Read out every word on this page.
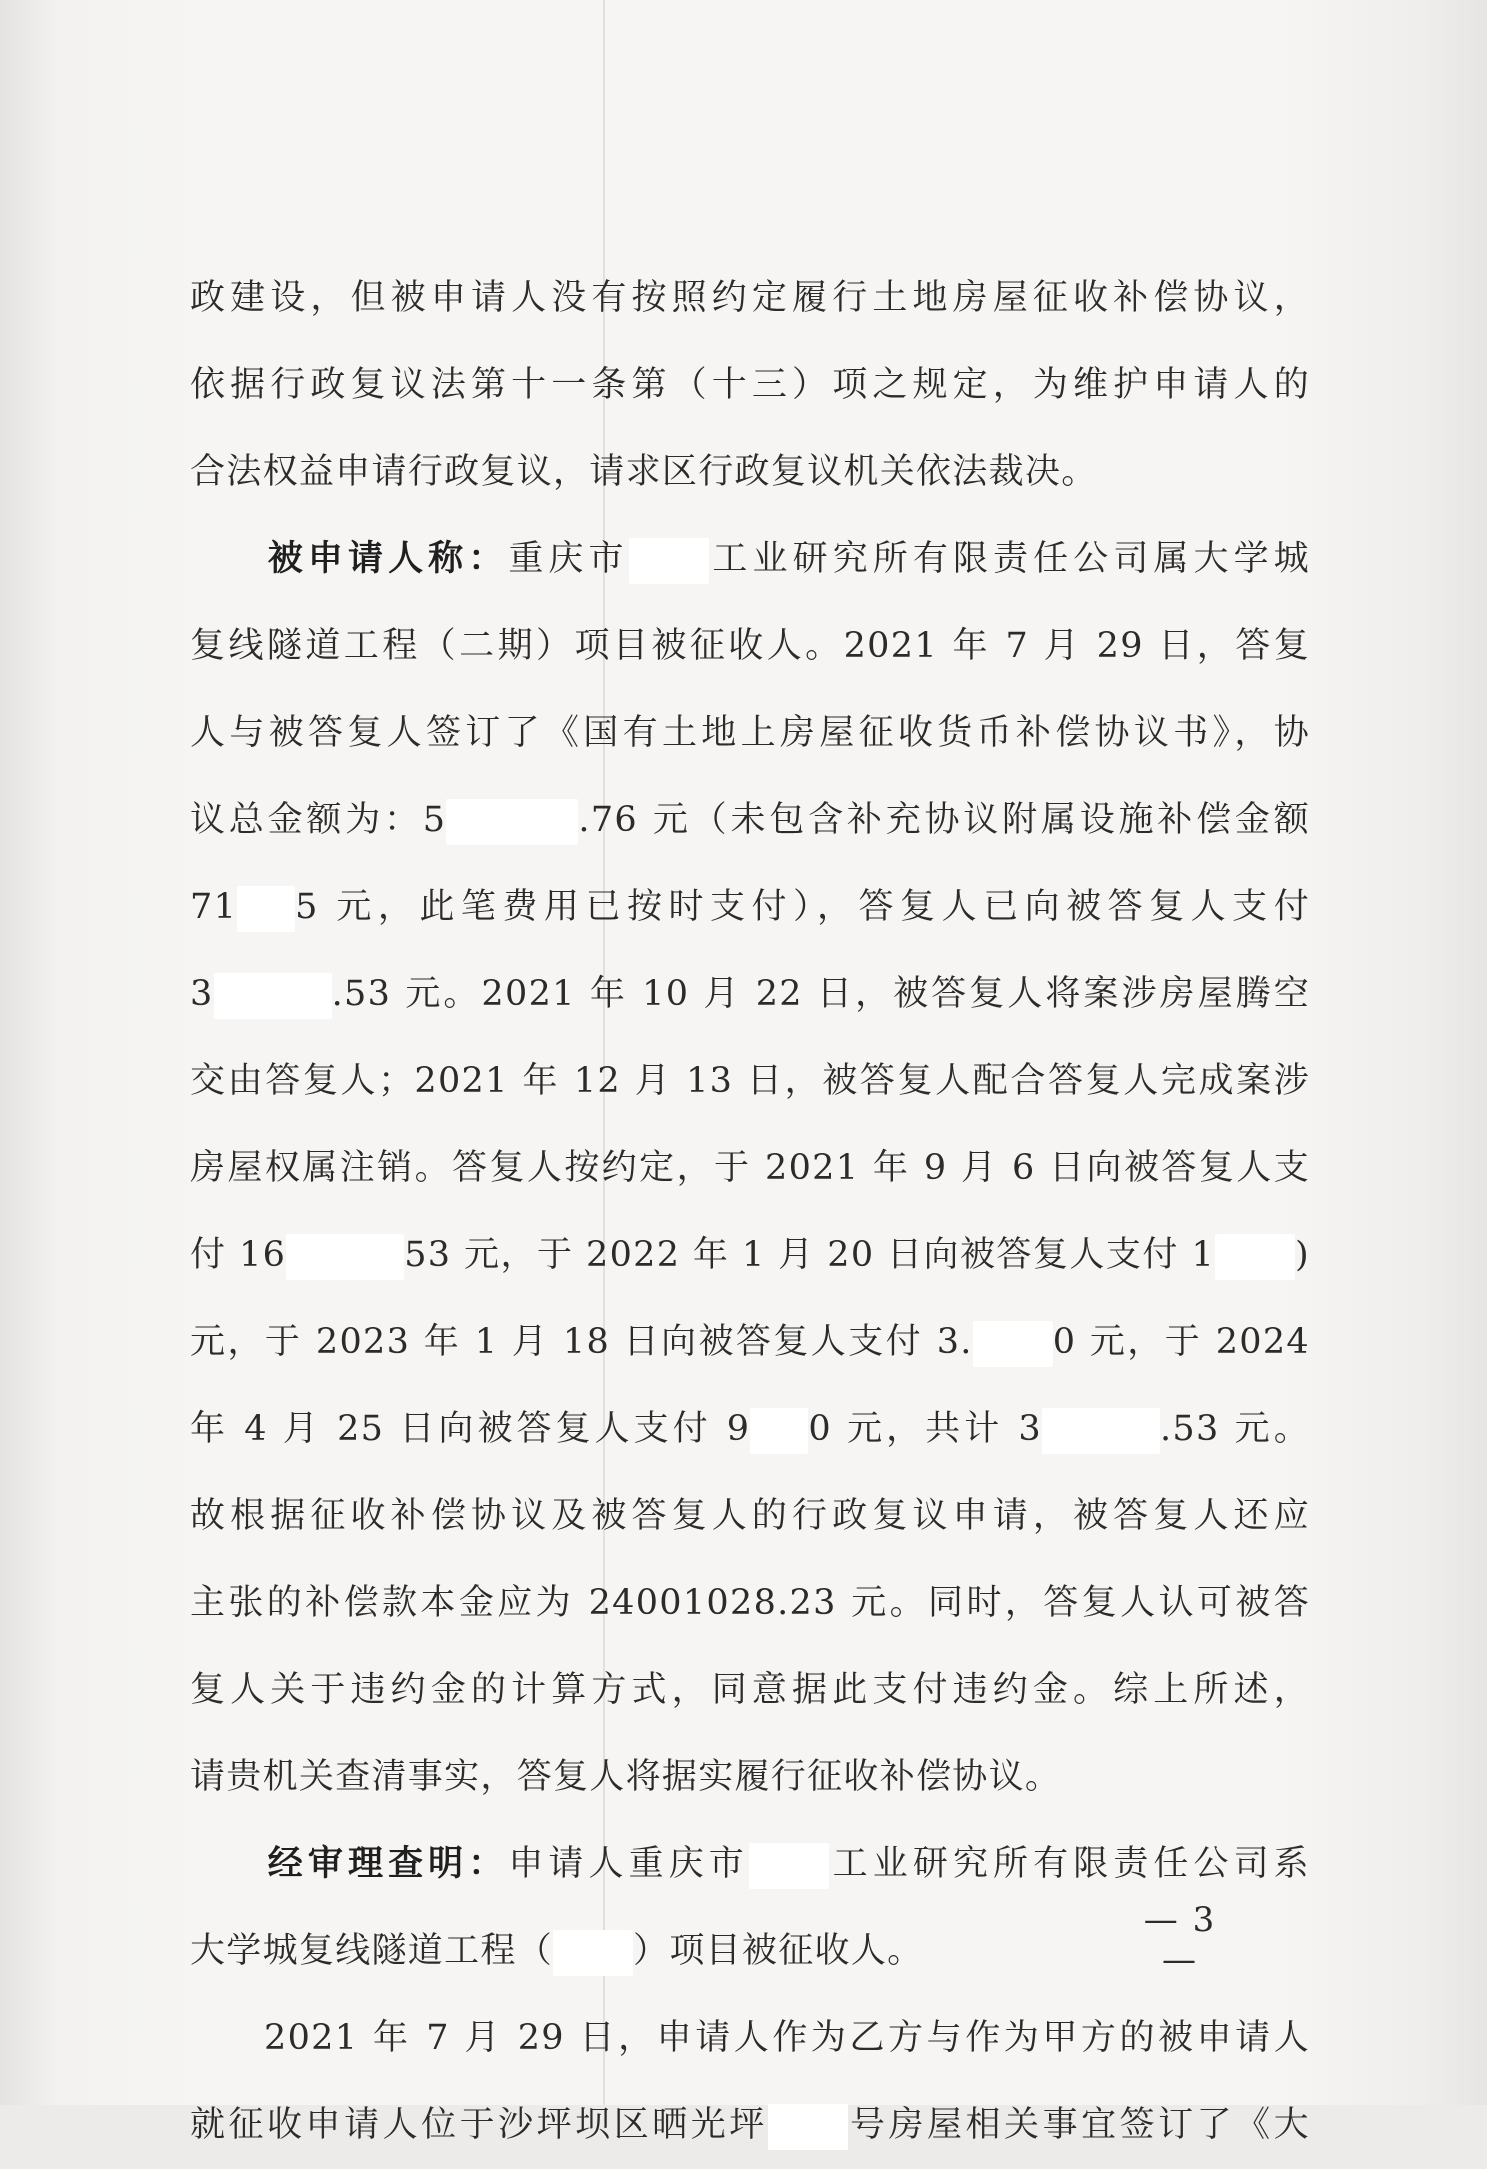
政建设，但被申请人没有按照约定履行土地房屋征收补偿协议，
依据行政复议法第十一条第（十三）项之规定，为维护申请人的
合法权益申请行政复议，请求区行政复议机关依法裁决。
被申请人称：重庆市 工业研究所有限责任公司属大学城
复线隧道工程（二期）项目被征收人。2021 年 7 月 29 日，答复
人与被答复人签订了《国有土地上房屋征收货币补偿协议书》，协
议总金额为：5	.76 元（未包含补充协议附属设施补偿金额
71 5 元，此笔费用已按时支付），答复人已向被答复人支付
3	.53 元。2021 年 10 月 22 日，被答复人将案涉房屋腾空
交由答复人；2021 年 12 月 13 日，被答复人配合答复人完成案涉
房屋权属注销。答复人按约定，于 2021 年 9 月 6 日向被答复人支
付 16	53 元，于 2022 年 1 月 20 日向被答复人支付 1 )
元，于 2023 年 1 月 18 日向被答复人支付 3. 0 元，于 2024
年 4 月 25 日向被答复人支付 9 0 元，共计 3	.53 元。
故根据征收补偿协议及被答复人的行政复议申请，被答复人还应
主张的补偿款本金应为 24001028.23 元。同时，答复人认可被答
复人关于违约金的计算方式，同意据此支付违约金。综上所述，
请贵机关查清事实，答复人将据实履行征收补偿协议。
经审理查明：申请人重庆市 工业研究所有限责任公司系
大学城复线隧道工程（ ）项目被征收人。
2021 年 7 月 29 日，申请人作为乙方与作为甲方的被申请人
就征收申请人位于沙坪坝区晒光坪 号房屋相关事宜签订了《大
— 3 —
